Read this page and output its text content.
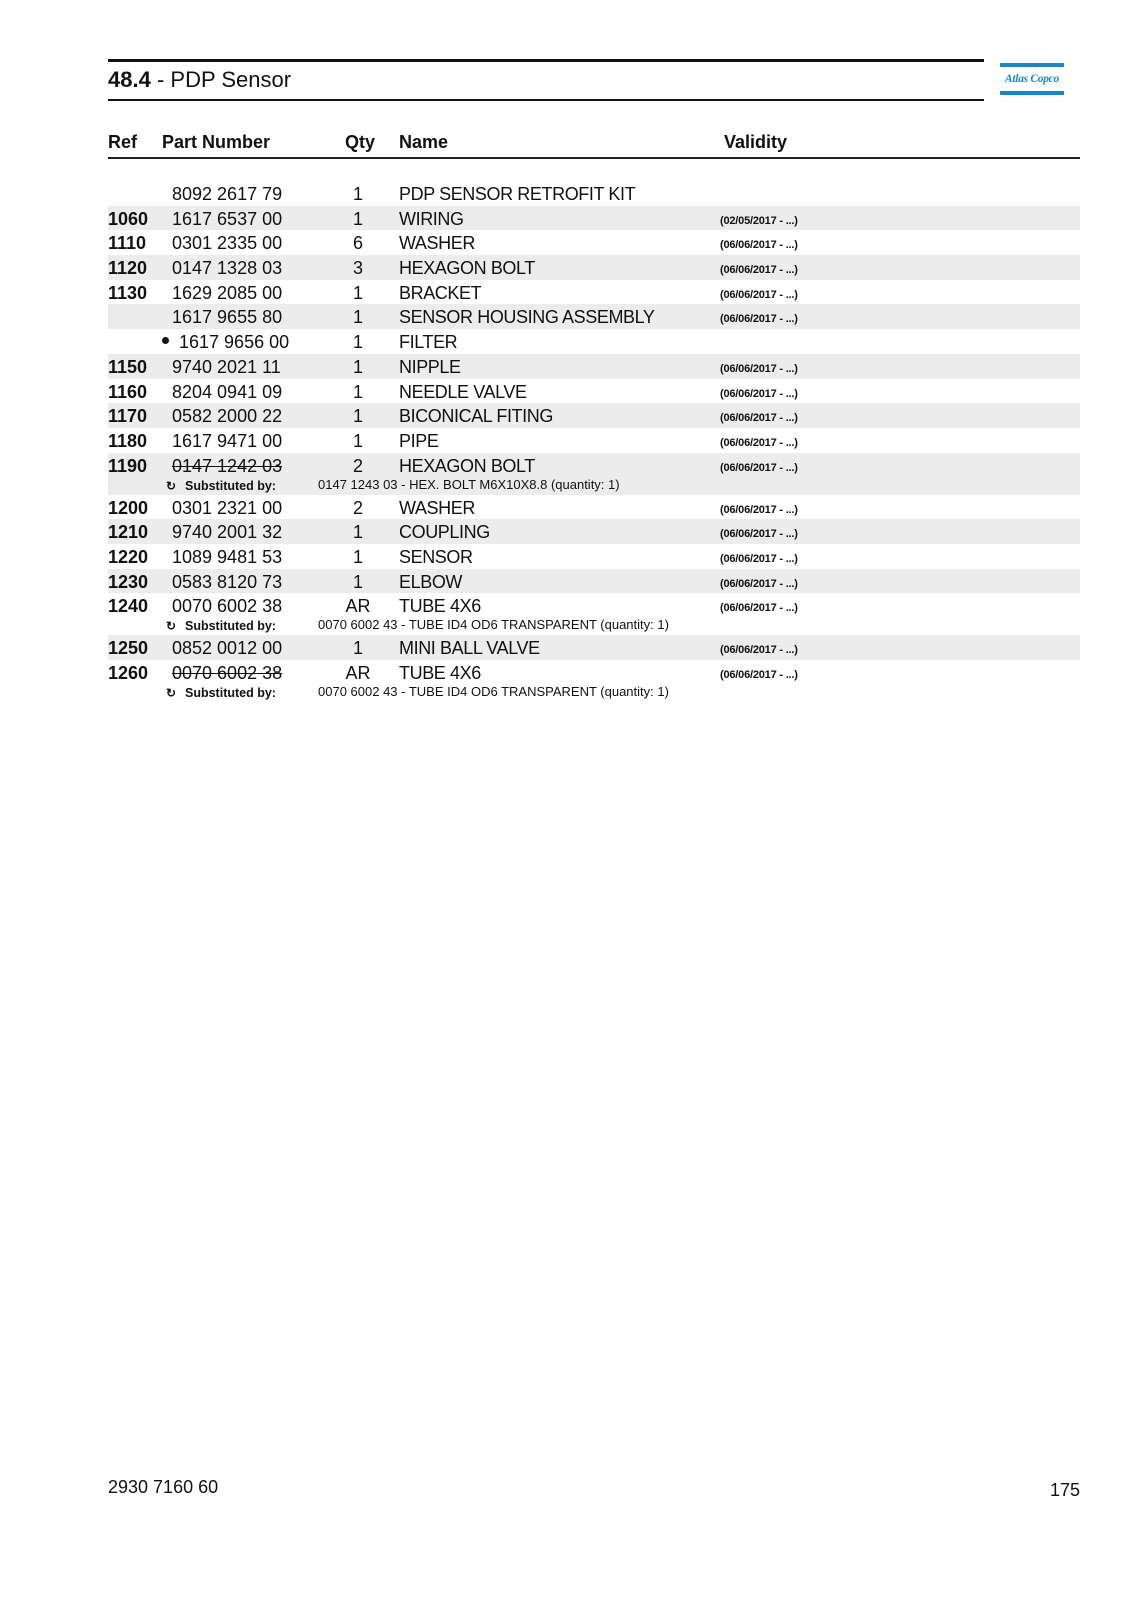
48.4 - PDP Sensor	Atlas Copco
Ref Part Number	Qty Name	Validity
8092 2617 79	1	PDP SENSOR RETROFIT KIT
1060 1617 6537 00	1	WIRING	(02/05/2017 - ...)
1110 0301 2335 00	6	WASHER	(06/06/2017 - ...)
1120 0147 1328 03	3	HEXAGON BOLT	(06/06/2017 - ...)
1130 1629 2085 00	1	BRACKET	(06/06/2017 - ...)
1617 9655 80	1	SENSOR HOUSING ASSEMBLY	(06/06/2017 - ...)
1617 9656 00	1	FILTER
1150 9740 2021 11	1	NIPPLE	(06/06/2017 - ...)
1160 8204 0941 09	1	NEEDLE VALVE	(06/06/2017 - ...)
1170 0582 2000 22	1	BICONICAL FITING	(06/06/2017 - ...)
1180 1617 9471 00	1	PIPE	(06/06/2017 - ...)
1190 0147 1242 03	2	HEXAGON BOLT	(06/06/2017 - ...)
↻ Substituted by:	0147 1243 03 - HEX. BOLT M6X10X8.8 (quantity: 1)
1200 0301 2321 00	2	WASHER	(06/06/2017 - ...)
1210 9740 2001 32	1	COUPLING	(06/06/2017 - ...)
1220 1089 9481 53	1	SENSOR	(06/06/2017 - ...)
1230 0583 8120 73	1	ELBOW	(06/06/2017 - ...)
1240 0070 6002 38	AR TUBE 4X6	(06/06/2017 - ...)
↻ Substituted by:	0070 6002 43 - TUBE ID4 OD6 TRANSPARENT (quantity: 1)
1250 0852 0012 00	1	MINI BALL VALVE	(06/06/2017 - ...)
1260 0070 6002 38	AR TUBE 4X6	(06/06/2017 - ...)
↻ Substituted by:	0070 6002 43 - TUBE ID4 OD6 TRANSPARENT (quantity: 1)
2930 7160 60	175
